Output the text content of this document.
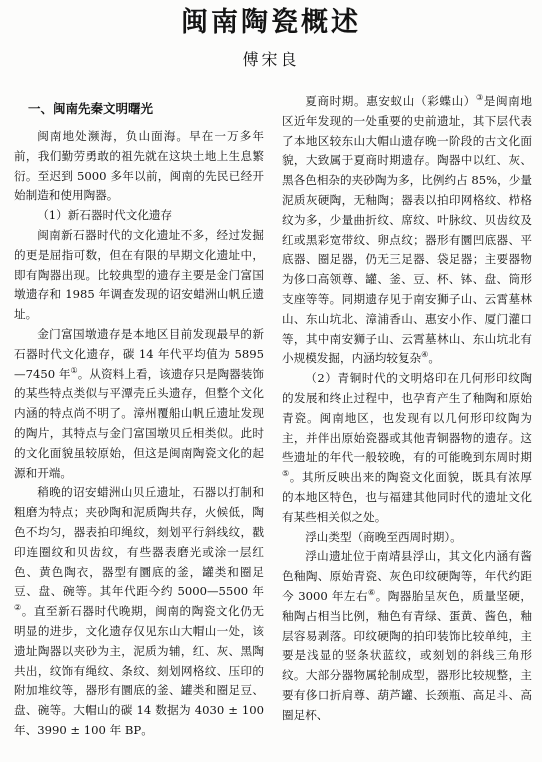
闽南陶瓷概述
傅宋良
一、闽南先秦文明曙光

闽南地处濒海，负山面海。早在一万多年前，我们勤劳勇敢的祖先就在这块土地上生息繁衍。至迟到 5000 多年以前，闽南的先民已经开始制造和使用陶器。

（1）新石器时代文化遗存

闽南新石器时代的文化遗址不多，经过发掘的更是屈指可数，但在有限的早期文化遗址中，即有陶器出现。比较典型的遗存主要是金门富国墩遗存和 1985 年调查发现的诏安蜡洲山帆丘遗址。

金门富国墩遗存是本地区目前发现最早的新石器时代文化遗存，碳 14 年代平均值为 5895—7450 年①。从资料上看，该遗存只是陶器装饰的某些特点类似与平潭壳丘头遗存，但整个文化内涵的特点尚不明了。漳州覆船山帆丘遗址发现的陶片，其特点与金门富国墩贝丘相类似。此时的文化面貌虽较原始，但这是闽南陶瓷文化的起源和开端。

稍晚的诏安蜡洲山贝丘遗址，石器以打制和粗磨为特点；夹砂陶和泥质陶共存，火候低，陶色不均匀，器表拍印绳纹，刻划平行斜线纹，戳印连圈纹和贝齿纹，有些器表磨光或涂一层红色、黄色陶衣，器型有圜底的釜，罐类和圈足豆、盘、碗等。其年代距今约 5000—5500 年②。直至新石器时代晚期，闽南的陶瓷文化仍无明显的进步，文化遗存仅见东山大帽山一处，该遗址陶器以夹砂为主，泥质为辅，红、灰、黑陶共出，纹饰有绳纹、条纹、刻划网格纹、压印的附加堆纹等，器形有圜底的釜、罐类和圈足豆、盘、碗等。大帽山的碳 14 数据为 4030 ± 100 年、3990 ± 100 年 BP。

夏商时期。惠安蚁山（彩蝶山）③是闽南地区近年发现的一处重要的史前遗址，其下层代表了本地区较东山大帽山遗存晚一阶段的古文化面貌，大致属于夏商时期遗存。陶器中以红、灰、黑各色相杂的夹砂陶为多，比例约占 85%，少量泥质灰硬陶，无釉陶；器表以拍印网格纹、栉格纹为多，少量曲折纹、席纹、叶脉纹、贝齿纹及红或黑彩宽带纹、卵点纹；器形有圜凹底器、平底器、圈足器，仍无三足器、袋足器；主要器物为侈口高领尊、罐、釜、豆、杯、钵、盘、筒形支座等等。同期遗存见于南安狮子山、云霄墓林山、东山坑北、漳浦香山、惠安小作、厦门灌口等，其中南安狮子山、云霄墓林山、东山坑北有小规模发掘，内涵均较复杂④。

（2）青铜时代的文明烙印在几何形印纹陶的发展和终止过程中，也孕育产生了釉陶和原始青瓷。闽南地区，也发现有以几何形印纹陶为主，并伴出原始瓷器或其他青铜器物的遗存。这些遗址的年代一般较晚，有的可能晚到东周时期⑤。其所反映出来的陶瓷文化面貌，既具有浓厚的本地区特色，也与福建其他同时代的遗址文化有某些相关似之处。

浮山类型（商晚至西周时期）。

浮山遗址位于南靖县浮山，其文化内涵有酱色釉陶、原始青瓷、灰色印纹硬陶等，年代约距今 3000 年左右⑥。陶器胎呈灰色，质量坚硬，釉陶占相当比例，釉色有青绿、蛋黄、酱色，釉层容易剥落。印纹硬陶的拍印装饰比较单纯，主要是浅显的竖条状蓝纹，或刻划的斜线三角形纹。大部分器物属轮制成型，器形比较规整，主要有侈口折肩尊、葫芦罐、长颈瓶、高足斗、高圈足杯、
